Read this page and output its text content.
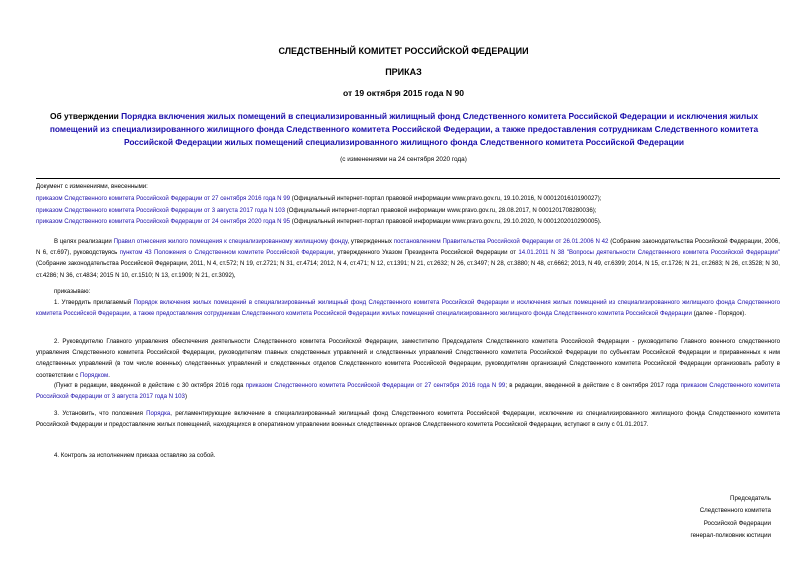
СЛЕДСТВЕННЫЙ КОМИТЕТ РОССИЙСКОЙ ФЕДЕРАЦИИ
ПРИКАЗ
от 19 октября 2015 года N 90
Об утверждении Порядка включения жилых помещений в специализированный жилищный фонд Следственного комитета Российской Федерации и исключения жилых помещений из специализированного жилищного фонда Следственного комитета Российской Федерации, а также предоставления сотрудникам Следственного комитета Российской Федерации жилых помещений специализированного жилищного фонда Следственного комитета Российской Федерации
(с изменениями на 24 сентября 2020 года)
Документ с изменениями, внесенными:
приказом Следственного комитета Российской Федерации от 27 сентября 2016 года N 99 (Официальный интернет-портал правовой информации www.pravo.gov.ru, 19.10.2016, N 0001201610190027);
приказом Следственного комитета Российской Федерации от 3 августа 2017 года N 103 (Официальный интернет-портал правовой информации www.pravo.gov.ru, 28.08.2017, N 0001201708280036);
приказом Следственного комитета Российской Федерации от 24 сентября 2020 года N 95 (Официальный интернет-портал правовой информации www.pravo.gov.ru, 29.10.2020, N 0001202010290005).
В целях реализации Правил отнесения жилого помещения к специализированному жилищному фонду, утвержденных постановлением Правительства Российской Федерации от 26.01.2006 N 42 (Собрание законодательства Российской Федерации, 2006, N 6, ст.697), руководствуясь пунктом 43 Положения о Следственном комитете Российской Федерации, утвержденного Указом Президента Российской Федерации от 14.01.2011 N 38 "Вопросы деятельности Следственного комитета Российской Федерации" (Собрание законодательства Российской Федерации, 2011, N 4, ст.572; N 19, ст.2721; N 31, ст.4714; 2012, N 4, ст.471; N 12, ст.1391; N 21, ст.2632; N 26, ст.3497; N 28, ст.3880; N 48, ст.6662; 2013, N 49, ст.6399; 2014, N 15, ст.1726; N 21, ст.2683; N 26, ст.3528; N 30, ст.4286; N 36, ст.4834; 2015 N 10, ст.1510; N 13, ст.1909; N 21, ст.3092),
приказываю:
1. Утвердить прилагаемый Порядок включения жилых помещений в специализированный жилищный фонд Следственного комитета Российской Федерации и исключения жилых помещений из специализированного жилищного фонда Следственного комитета Российской Федерации, а также предоставления сотрудникам Следственного комитета Российской Федерации жилых помещений специализированного жилищного фонда Следственного комитета Российской Федерации (далее - Порядок).
2. Руководителю Главного управления обеспечения деятельности Следственного комитета Российской Федерации, заместителю Председателя Следственного комитета Российской Федерации - руководителю Главного военного следственного управления Следственного комитета Российской Федерации, руководителям главных следственных управлений и следственных управлений Следственного комитета Российской Федерации по субъектам Российской Федерации и приравненных к ним следственных управлений (в том числе военных) следственных управлений и следственных отделов Следственного комитета Российской Федерации, руководителям организаций Следственного комитета Российской Федерации организовать работу в соответствии с Порядком.
(Пункт в редакции, введенной в действие с 30 октября 2016 года приказом Следственного комитета Российской Федерации от 27 сентября 2016 года N 99; в редакции, введенной в действие с 8 сентября 2017 года приказом Следственного комитета Российской Федерации от 3 августа 2017 года N 103)
3. Установить, что положения Порядка, регламентирующие включение в специализированный жилищный фонд Следственного комитета Российской Федерации, исключение из специализированного жилищного фонда Следственного комитета Российской Федерации и предоставление жилых помещений, находящихся в оперативном управлении военных следственных органов Следственного комитета Российской Федерации, вступают в силу с 01.01.2017.
4. Контроль за исполнением приказа оставляю за собой.
Председатель
Следственного комитета
Российской Федерации
генерал-полковник юстиции
